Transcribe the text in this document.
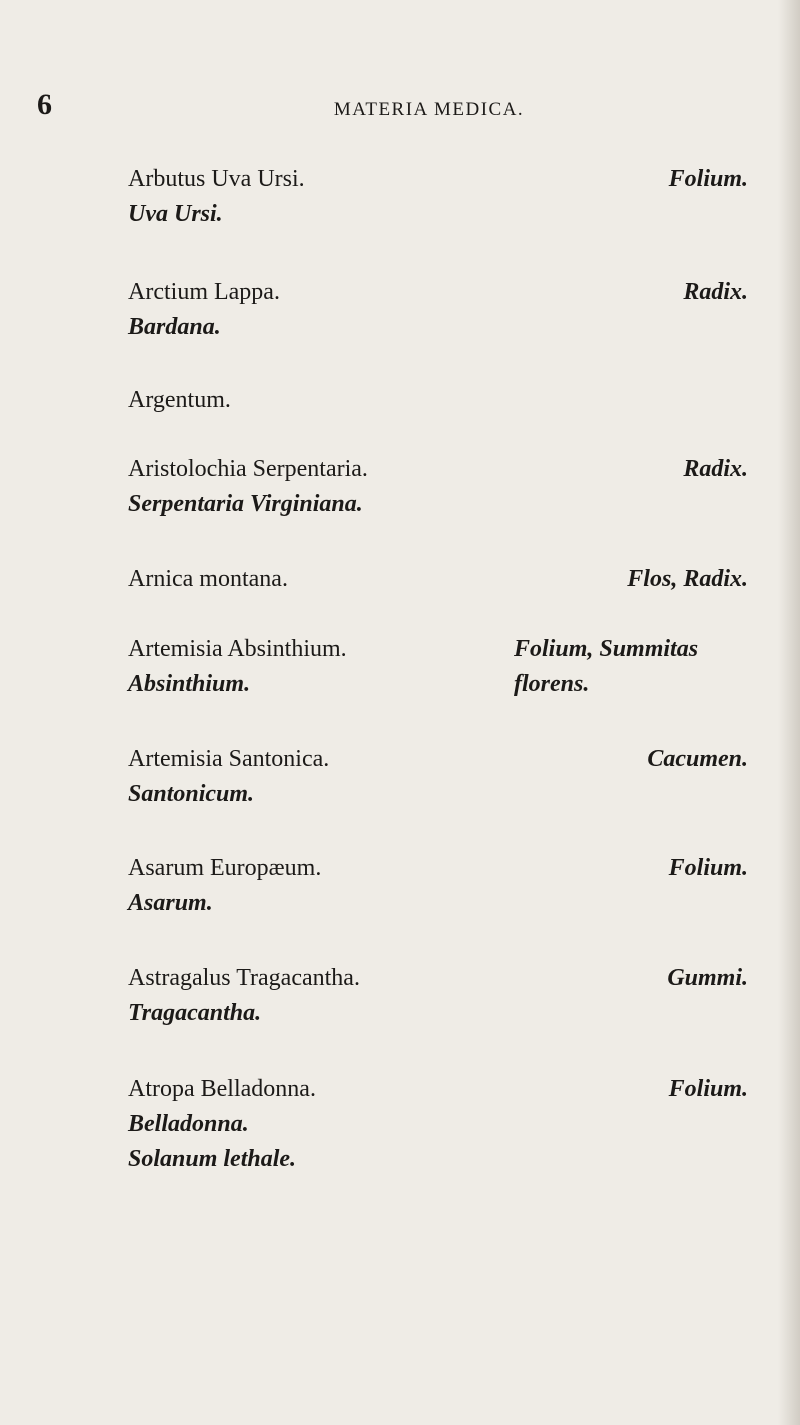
6	MATERIA MEDICA.
Arbutus Uva Ursi.
Uva Ursi.
Folium.
Arctium Lappa.
Bardana.
Radix.
Argentum.
Aristolochia Serpentaria.
Serpentaria Virginiana.
Radix.
Arnica montana.	Flos, Radix.
Artemisia Absinthium.
Absinthium.
Folium, Summitas
florens.
Artemisia Santonica.
Santonicum.
Cacumen.
Asarum Europæum.
Asarum.
Folium.
Astragalus Tragacantha.
Tragacantha.
Gummi.
Atropa Belladonna.
Belladonna.
Solanum lethale.
Folium.
